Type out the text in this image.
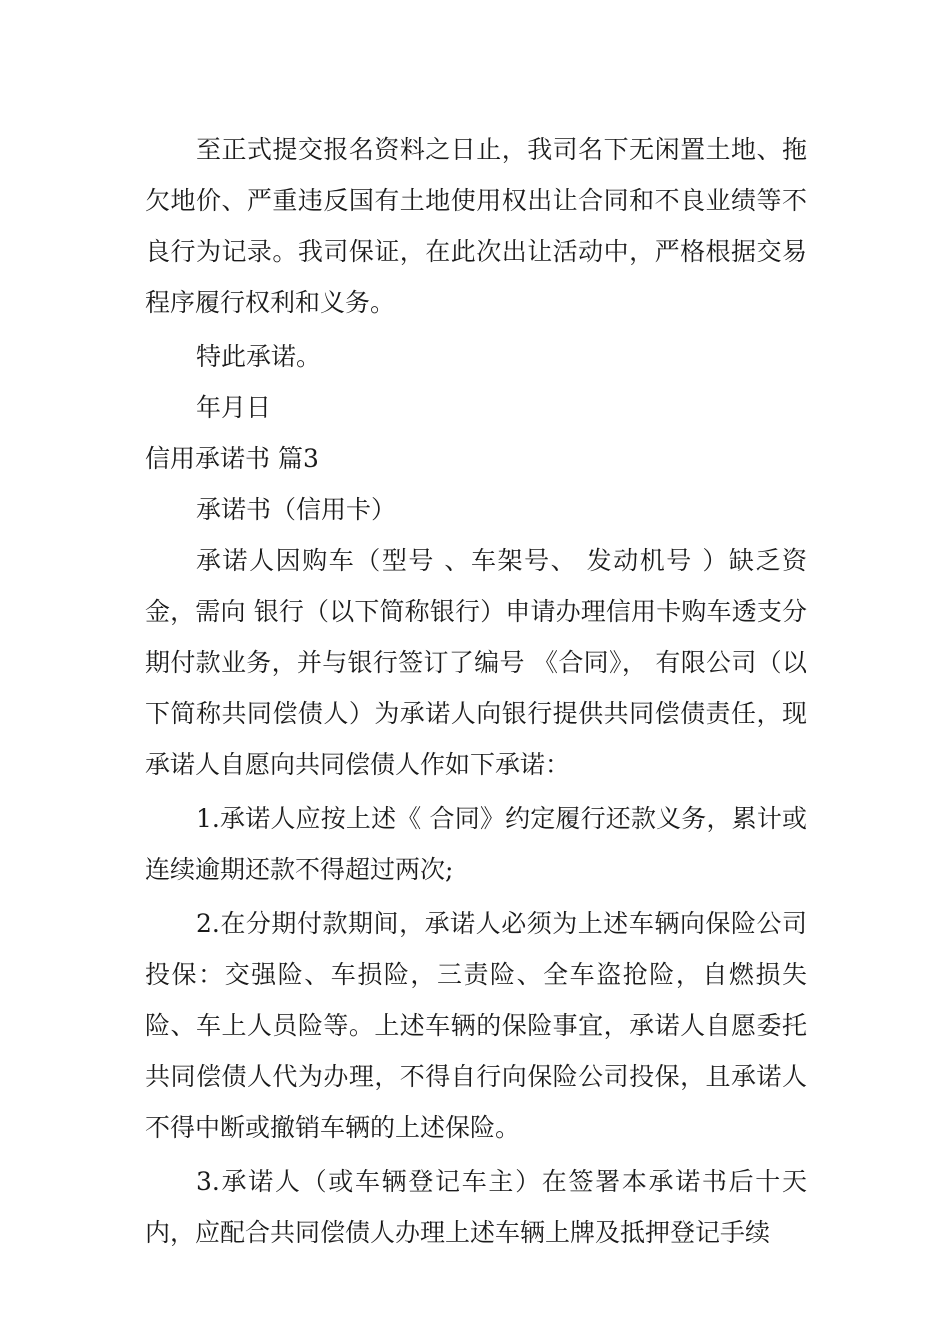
至正式提交报名资料之日止，我司名下无闲置土地、拖欠地价、严重违反国有土地使用权出让合同和不良业绩等不良行为记录。我司保证，在此次出让活动中，严格根据交易程序履行权利和义务。

特此承诺。

年月日

信用承诺书 篇3

承诺书（信用卡）

承诺人因购车（型号 、车架号、 发动机号 ）缺乏资金，需向 银行（以下简称银行）申请办理信用卡购车透支分期付款业务，并与银行签订了编号 《合同》， 有限公司（以下简称共同偿债人）为承诺人向银行提供共同偿债责任，现承诺人自愿向共同偿债人作如下承诺：

1.承诺人应按上述《 合同》约定履行还款义务，累计或连续逾期还款不得超过两次;

2.在分期付款期间，承诺人必须为上述车辆向保险公司投保：交强险、车损险，三责险、全车盗抢险，自燃损失险、车上人员险等。上述车辆的保险事宜，承诺人自愿委托共同偿债人代为办理，不得自行向保险公司投保，且承诺人不得中断或撤销车辆的上述保险。

3.承诺人（或车辆登记车主）在签署本承诺书后十天内，应配合共同偿债人办理上述车辆上牌及抵押登记手续
